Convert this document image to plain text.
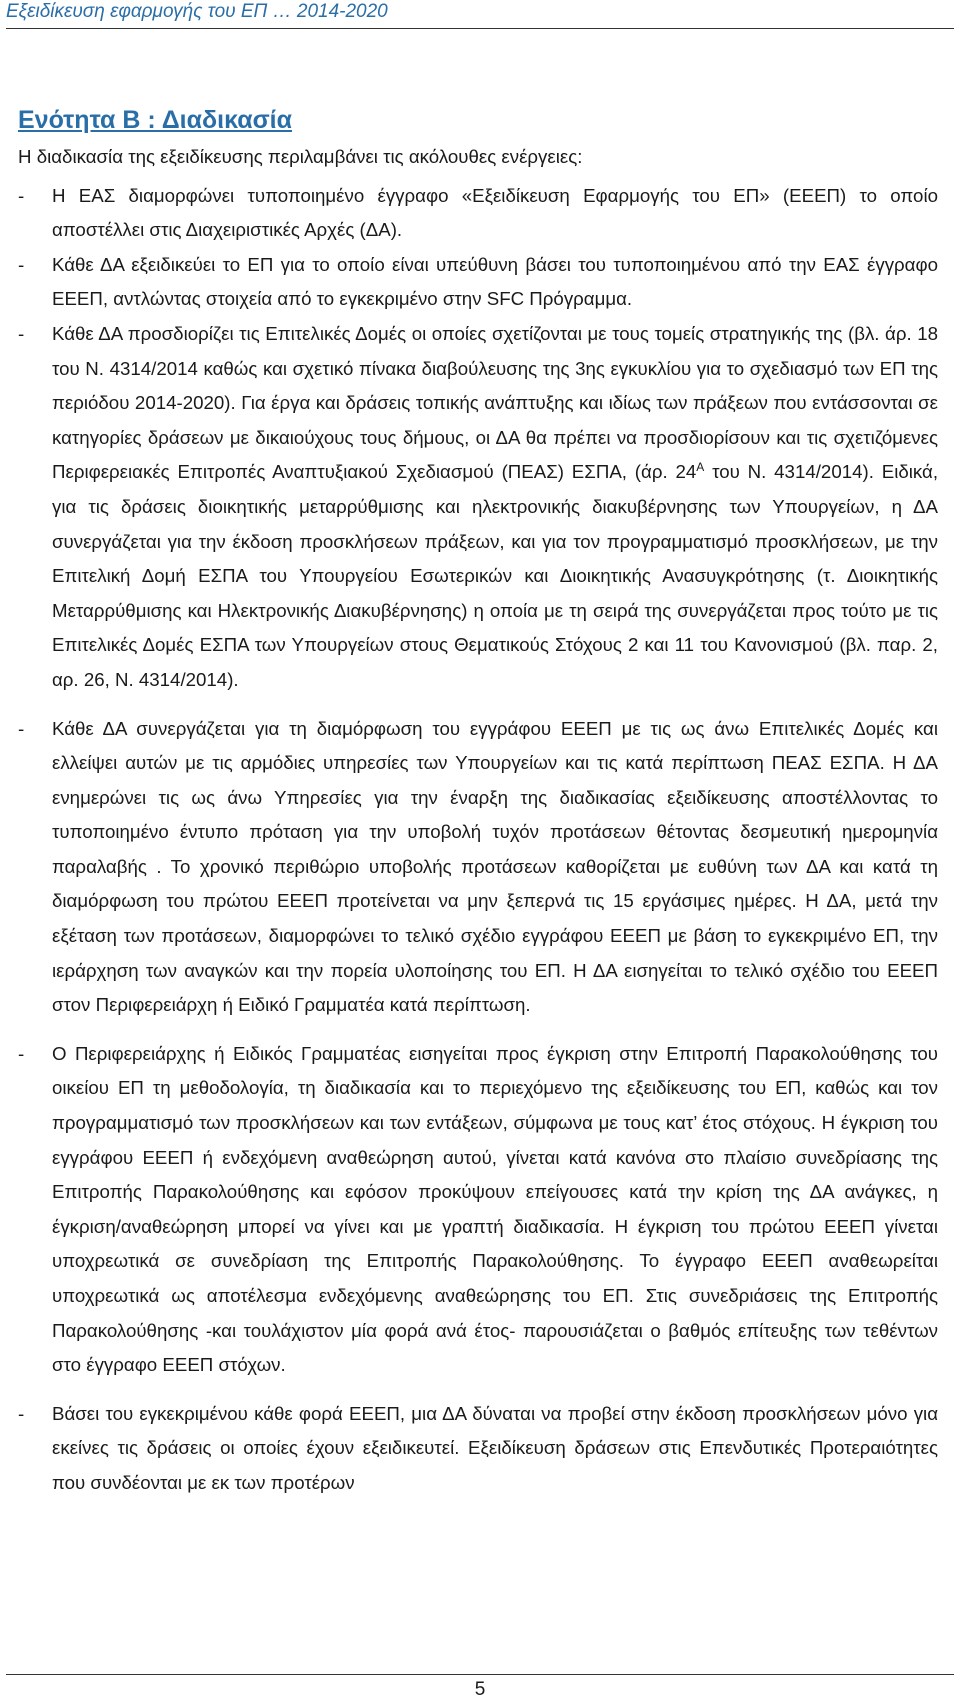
Εξειδίκευση εφαρμογής του ΕΠ … 2014-2020
Ενότητα Β : Διαδικασία

Η διαδικασία της εξειδίκευσης περιλαμβάνει τις ακόλουθες ενέργειες:

- Η ΕΑΣ διαμορφώνει τυποποιημένο έγγραφο «Εξειδίκευση Εφαρμογής του ΕΠ» (ΕΕΕΠ) το οποίο αποστέλλει στις Διαχειριστικές Αρχές (ΔΑ).
- Κάθε ΔΑ εξειδικεύει το ΕΠ για το οποίο είναι υπεύθυνη βάσει του τυποποιημένου από την ΕΑΣ έγγραφο ΕΕΕΠ, αντλώντας στοιχεία από το εγκεκριμένο στην SFC Πρόγραμμα.
- Κάθε ΔΑ προσδιορίζει τις Επιτελικές Δομές οι οποίες σχετίζονται με τους τομείς στρατηγικής της (βλ. άρ. 18 του Ν. 4314/2014 καθώς και σχετικό πίνακα διαβούλευσης της 3ης εγκυκλίου για το σχεδιασμό των ΕΠ της περιόδου 2014-2020). Για έργα και δράσεις τοπικής ανάπτυξης και ιδίως των πράξεων που εντάσσονται σε κατηγορίες δράσεων με δικαιούχους τους δήμους, οι ΔΑ θα πρέπει να προσδιορίσουν και τις σχετιζόμενες Περιφερειακές Επιτροπές Αναπτυξιακού Σχεδιασμού (ΠΕΑΣ) ΕΣΠΑ, (άρ. $24^A$ του Ν. 4314/2014). Ειδικά, για τις δράσεις διοικητικής μεταρρύθμισης και ηλεκτρονικής διακυβέρνησης των Υπουργείων, η ΔΑ συνεργάζεται για την έκδοση προσκλήσεων πράξεων, και για τον προγραμματισμό προσκλήσεων, με την Επιτελική Δομή ΕΣΠΑ του Υπουργείου Εσωτερικών και Διοικητικής Ανασυγκρότησης (τ. Διοικητικής Μεταρρύθμισης και Ηλεκτρονικής Διακυβέρνησης) η οποία με τη σειρά της συνεργάζεται προς τούτο με τις Επιτελικές Δομές ΕΣΠΑ των Υπουργείων στους Θεματικούς Στόχους 2 και 11 του Κανονισμού (βλ. παρ. 2, αρ. 26, Ν. 4314/2014).
- Κάθε ΔΑ συνεργάζεται για τη διαμόρφωση του εγγράφου ΕΕΕΠ με τις ως άνω Επιτελικές Δομές και ελλείψει αυτών με τις αρμόδιες υπηρεσίες των Υπουργείων και τις κατά περίπτωση ΠΕΑΣ ΕΣΠΑ. Η ΔΑ ενημερώνει τις ως άνω Υπηρεσίες για την έναρξη της διαδικασίας εξειδίκευσης αποστέλλοντας το τυποποιημένο έντυπο πρόταση για την υποβολή τυχόν προτάσεων θέτοντας δεσμευτική ημερομηνία παραλαβής . Το χρονικό περιθώριο υποβολής προτάσεων καθορίζεται με ευθύνη των ΔΑ και κατά τη διαμόρφωση του πρώτου ΕΕΕΠ προτείνεται να μην ξεπερνά τις 15 εργάσιμες ημέρες. Η ΔΑ, μετά την εξέταση των προτάσεων, διαμορφώνει το τελικό σχέδιο εγγράφου ΕΕΕΠ με βάση το εγκεκριμένο ΕΠ, την ιεράρχηση των αναγκών και την πορεία υλοποίησης του ΕΠ. Η ΔΑ εισηγείται το τελικό σχέδιο του ΕΕΕΠ στον Περιφερειάρχη ή Ειδικό Γραμματέα κατά περίπτωση.
- Ο Περιφερειάρχης ή Ειδικός Γραμματέας εισηγείται προς έγκριση στην Επιτροπή Παρακολούθησης του οικείου ΕΠ τη μεθοδολογία, τη διαδικασία και το περιεχόμενο της εξειδίκευσης του ΕΠ, καθώς και τον προγραμματισμό των προσκλήσεων και των εντάξεων, σύμφωνα με τους κατ’ έτος στόχους. Η έγκριση του εγγράφου ΕΕΕΠ ή ενδεχόμενη αναθεώρηση αυτού, γίνεται κατά κανόνα στο πλαίσιο συνεδρίασης της Επιτροπής Παρακολούθησης και εφόσον προκύψουν επείγουσες κατά την κρίση της ΔΑ ανάγκες, η έγκριση/αναθεώρηση μπορεί να γίνει και με γραπτή διαδικασία. Η έγκριση του πρώτου ΕΕΕΠ γίνεται υποχρεωτικά σε συνεδρίαση της Επιτροπής Παρακολούθησης. Το έγγραφο ΕΕΕΠ αναθεωρείται υποχρεωτικά ως αποτέλεσμα ενδεχόμενης αναθεώρησης του ΕΠ. Στις συνεδριάσεις της Επιτροπής Παρακολούθησης -και τουλάχιστον μία φορά ανά έτος- παρουσιάζεται ο βαθμός επίτευξης των τεθέντων στο έγγραφο ΕΕΕΠ στόχων.
- Βάσει του εγκεκριμένου κάθε φορά ΕΕΕΠ, μια ΔΑ δύναται να προβεί στην έκδοση προσκλήσεων μόνο για εκείνες τις δράσεις οι οποίες έχουν εξειδικευτεί. Εξειδίκευση δράσεων στις Επενδυτικές Προτεραιότητες που συνδέονται με εκ των προτέρων
5
